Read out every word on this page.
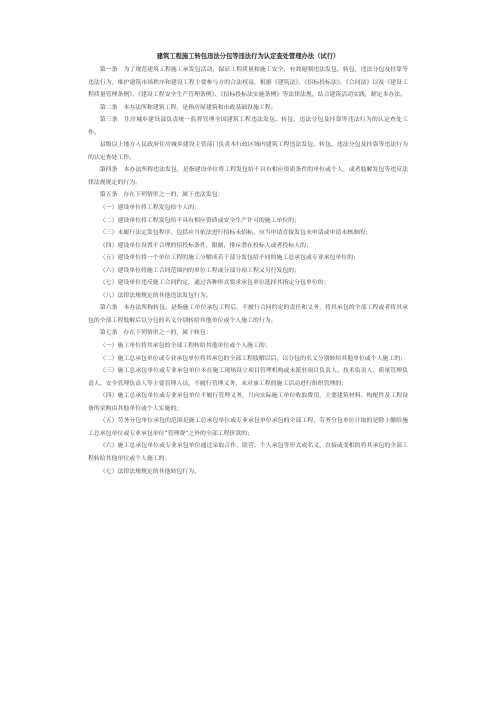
建筑工程施工转包违法分包等违法行为认定查处管理办法（试行）

第一条　为了规范建筑工程施工承发包活动，保证工程质量和施工安全，有效遏制违法发包、转包、违法分包及挂靠等违法行为，维护建筑市场秩序和建设工程主要参与方的合法权益，根据《建筑法》、《招标投标法》、《合同法》以及《建设工程质量管理条例》、《建设工程安全生产管理条例》、《招标投标法实施条例》等法律法规，结合建筑活动实践，制定本办法。

第二条　本办法所称建筑工程，是指房屋建筑和市政基础设施工程。

第三条　住房城乡建设部负责统一监督管理全国建筑工程违法发包、转包、违法分包及挂靠等违法行为的认定查处工作。

县级以上地方人民政府住房城乡建设主管部门负责本行政区域内建筑工程违法发包、转包、违法分包及挂靠等违法行为的认定查处工作。

第四条　本办法所称违法发包，是指建设单位将工程发包给不具有相应资质条件的单位或个人，或者肢解发包等违反法律法规规定的行为。

第五条　存在下列情形之一的，属于违法发包：

（一）建设单位将工程发包给个人的；

（二）建设单位将工程发包给不具有相应资质或安全生产许可的施工单位的；

（三）未履行法定发包程序，包括应当依法进行招标未招标，应当申请直接发包未申请或申请未核准的；

（四）建设单位设置不合理的招投标条件，限制、排斥潜在投标人或者投标人的；

（五）建设单位将一个单位工程的施工分解成若干部分发包给不同的施工总承包或专业承包单位的；

（六）建设单位将施工合同范围内的单位工程或分部分项工程又另行发包的；

（七）建设单位违反施工合同约定，通过各种形式要求承包单位选择其指定分包单位的；

（八）法律法规规定的其他违法发包行为。

第六条　本办法所称转包，是指施工单位承包工程后，不履行合同约定的责任和义务，将其承包的全部工程或者将其承包的全部工程肢解后以分包的名义分别转给其他单位或个人施工的行为。

第七条　存在下列情形之一的，属于转包：

（一）施工单位将其承包的全部工程转给其他单位或个人施工的；

（二）施工总承包单位或专业承包单位将其承包的全部工程肢解以后，以分包的名义分别转给其他单位或个人施工的；

（三）施工总承包单位或专业承包单位未在施工现场设立项目管理机构或未派驻项目负责人、技术负责人、质量管理负责人、安全管理负责人等主要管理人员，不履行管理义务，未对该工程的施工活动进行组织管理的；

（四）施工总承包单位或专业承包单位不履行管理义务，只向实际施工单位收取费用，主要建筑材料、构配件及工程设备的采购由其他单位或个人实施的；

（五）劳务分包单位承包的范围是施工总承包单位或专业承包单位承包的全部工程，劳务分包单位计取的是除上缴给施工总承包单位或专业承包单位“管理费”之外的全部工程价款的；

（六）施工总承包单位或专业承包单位通过采取合作、联营、个人承包等形式或名义，直接或变相的将其承包的全部工程转给其他单位或个人施工的；

（七）法律法规规定的其他转包行为。
